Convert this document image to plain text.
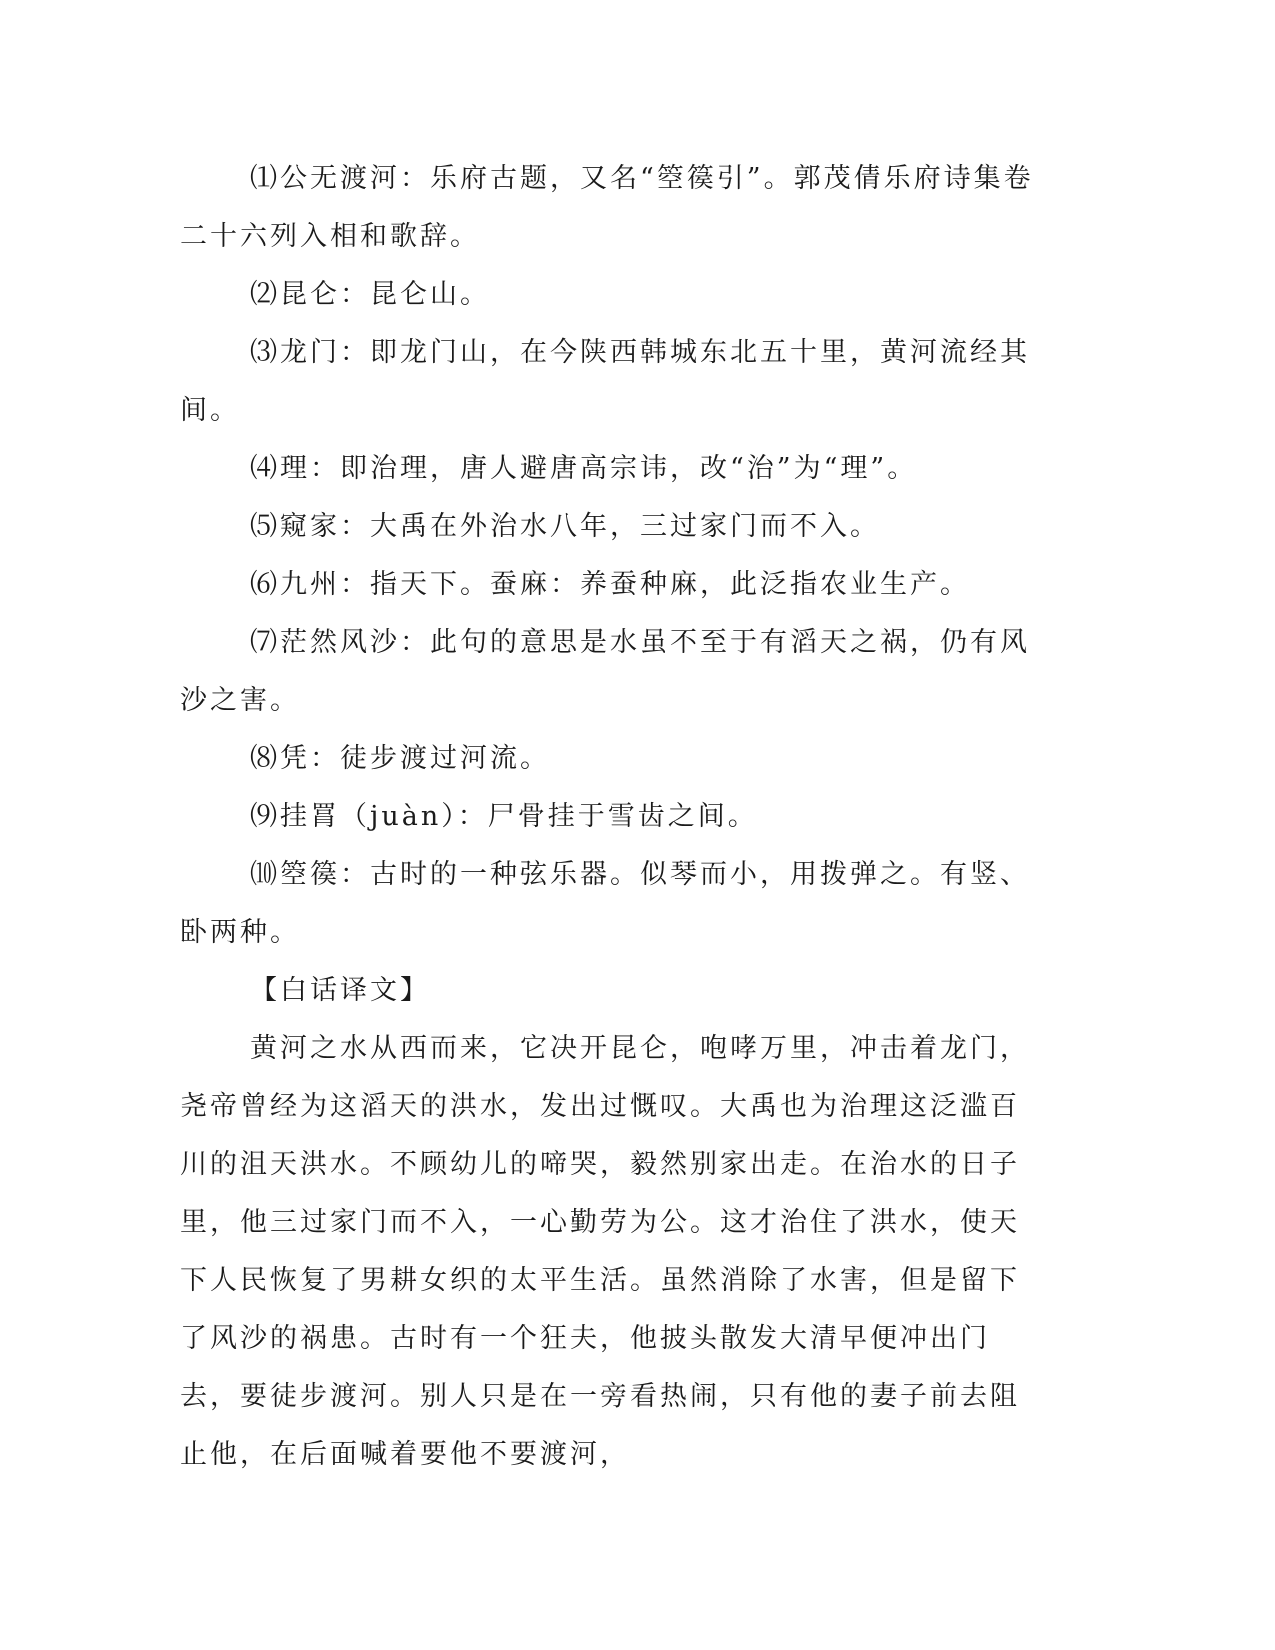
⑴公无渡河：乐府古题，又名“箜篌引”。郭茂倩乐府诗集卷二十六列入相和歌辞。

⑵昆仑：昆仑山。

⑶龙门：即龙门山，在今陕西韩城东北五十里，黄河流经其间。

⑷理：即治理，唐人避唐高宗讳，改“治”为“理”。

⑸窥家：大禹在外治水八年，三过家门而不入。

⑹九州：指天下。蚕麻：养蚕种麻，此泛指农业生产。

⑺茫然风沙：此句的意思是水虽不至于有滔天之祸，仍有风沙之害。

⑻凭：徒步渡过河流。

⑼挂罥（juàn）：尸骨挂于雪齿之间。

⑽箜篌：古时的一种弦乐器。似琴而小，用拨弹之。有竖、卧两种。

【白话译文】

黄河之水从西而来，它决开昆仑，咆哮万里，冲击着龙门，尧帝曾经为这滔天的洪水，发出过慨叹。大禹也为治理这泛滥百川的沮天洪水。不顾幼儿的啼哭，毅然别家出走。在治水的日子里，他三过家门而不入，一心勤劳为公。这才治住了洪水，使天下人民恢复了男耕女织的太平生活。虽然消除了水害，但是留下了风沙的祸患。古时有一个狂夫，他披头散发大清早便冲出门去，要徒步渡河。别人只是在一旁看热闹，只有他的妻子前去阻止他，在后面喊着要他不要渡河，
